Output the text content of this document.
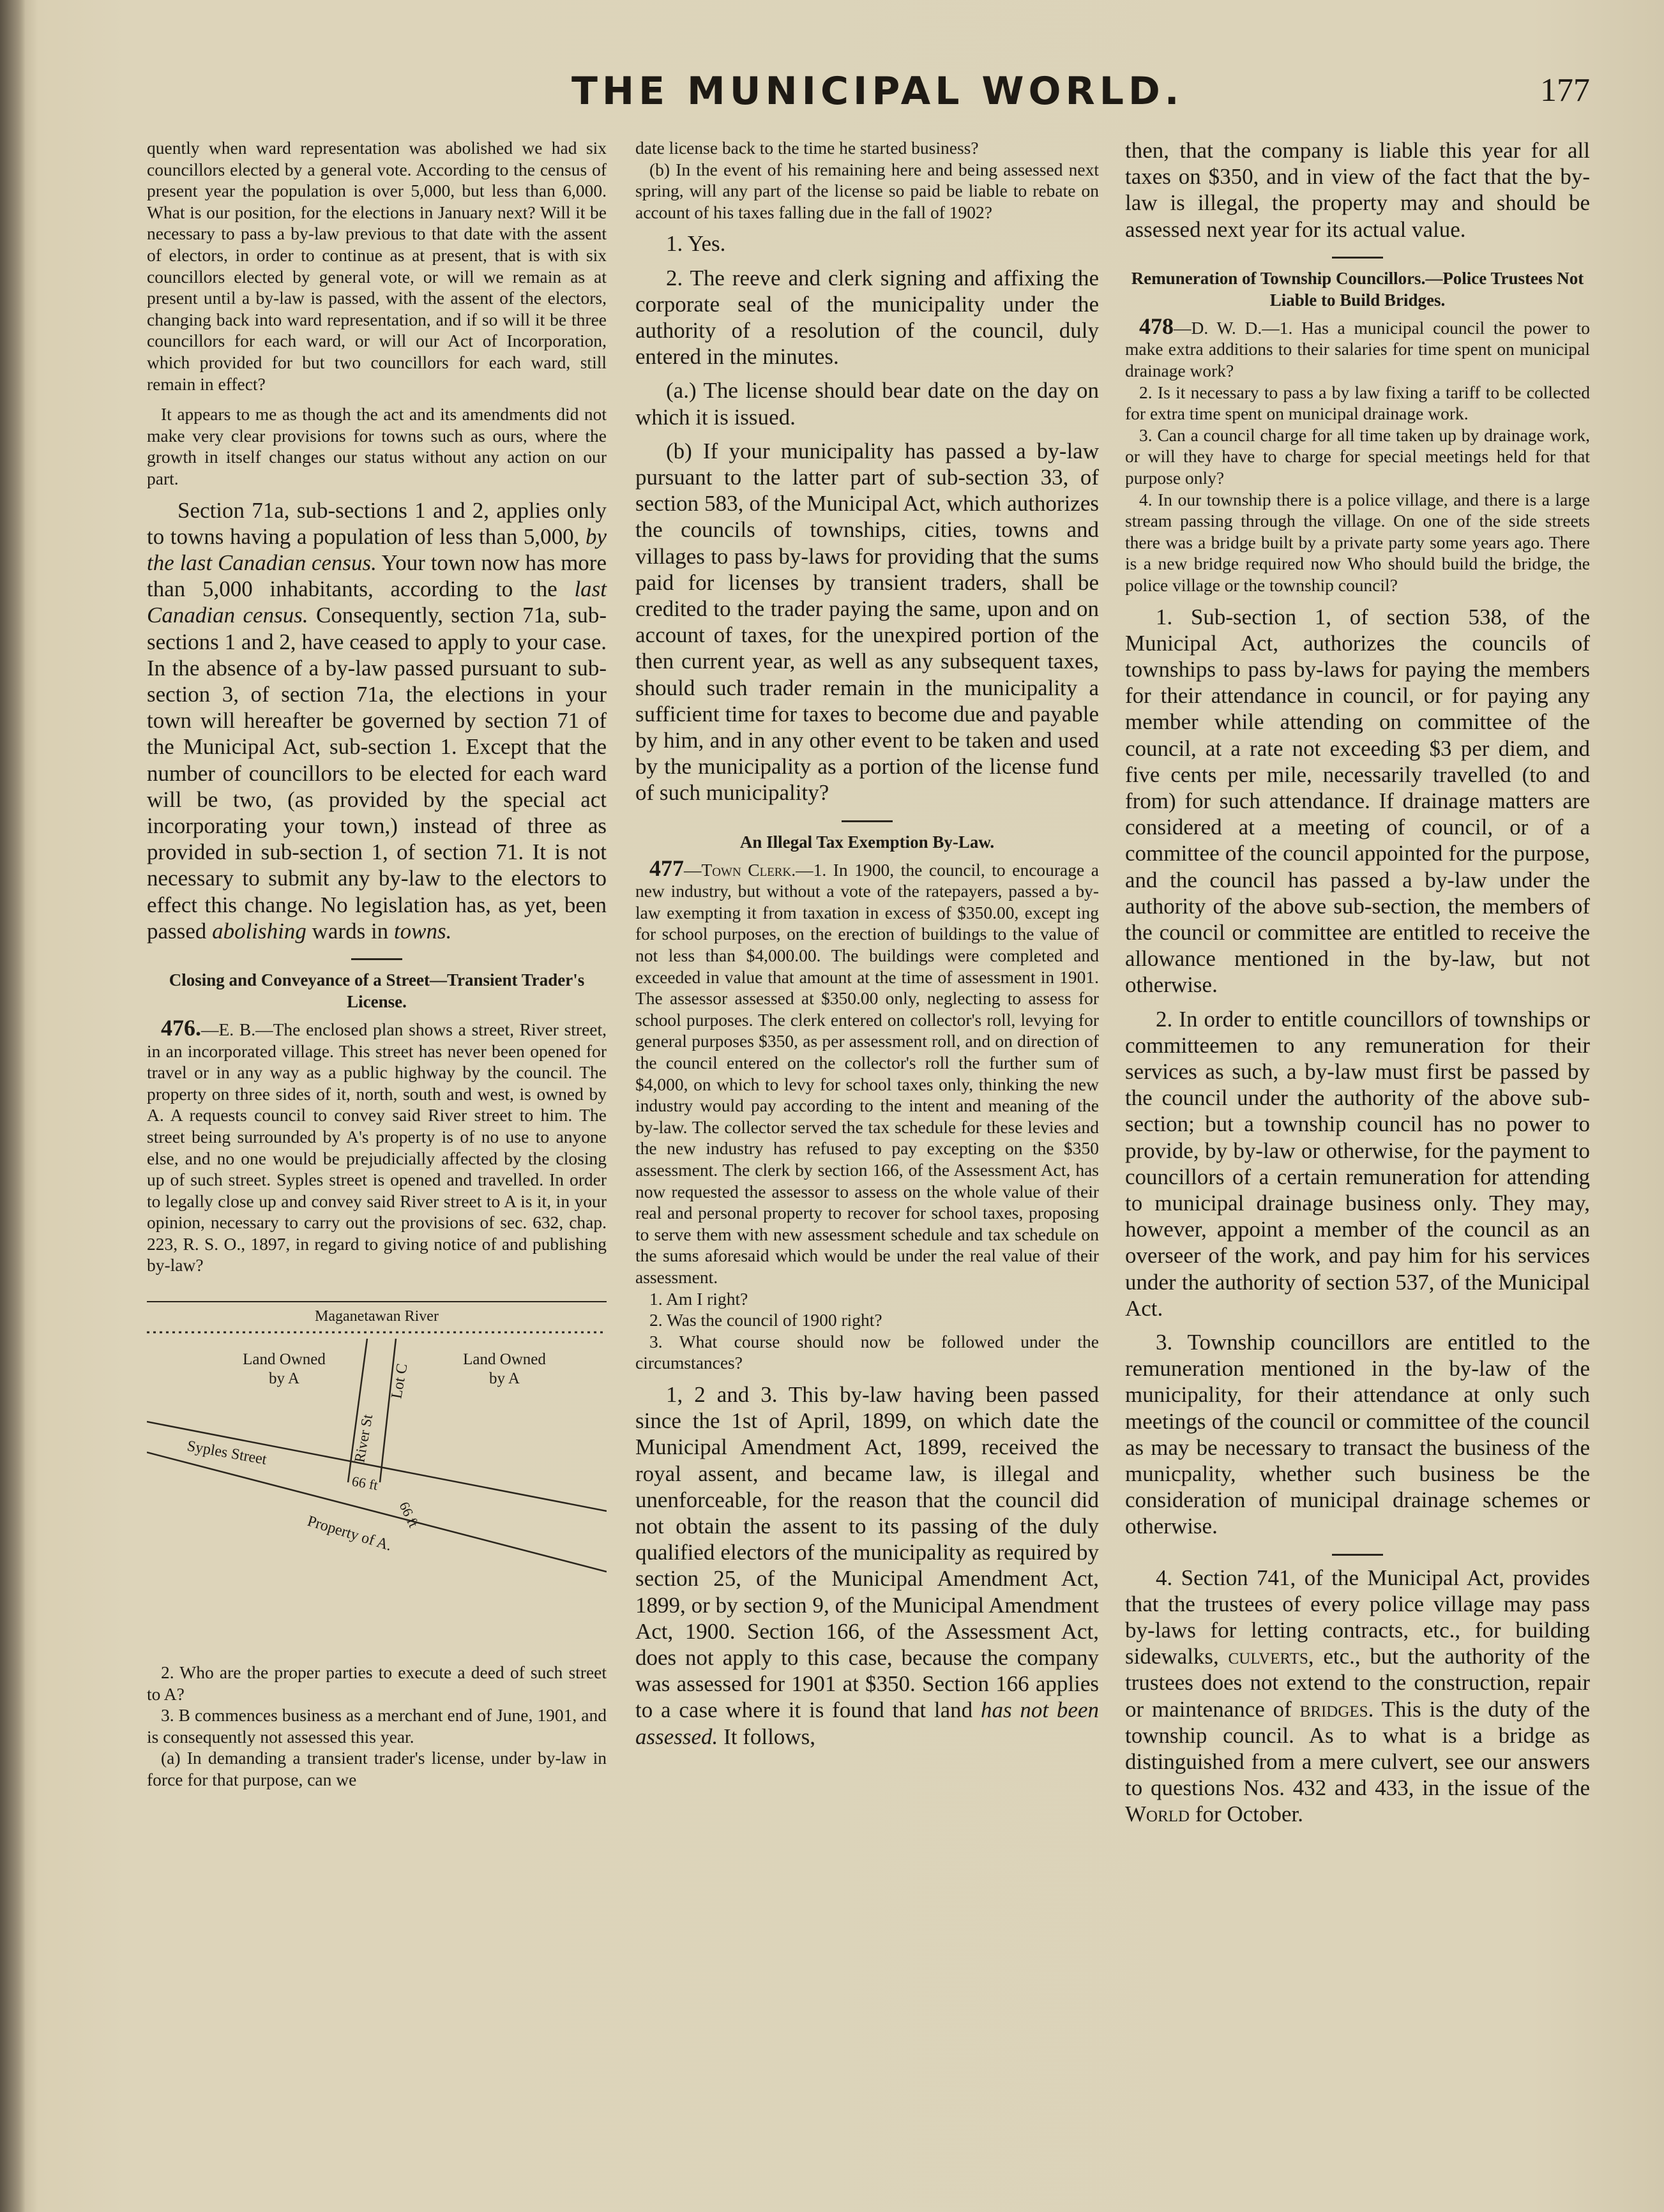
THE MUNICIPAL WORLD.	177

quently when ward representation was abolished we had six councillors elected by a general vote. According to the census of present year the population is over 5,000, but less than 6,000. What is our position, for the elections in January next? Will it be necessary to pass a by-law previous to that date with the assent of electors, in order to continue as at present, that is with six councillors elected by general vote, or will we remain as at present until a by-law is passed, with the assent of the electors, changing back into ward representation, and if so will it be three councillors for each ward, or will our Act of Incorporation, which provided for but two councillors for each ward, still remain in effect?

It appears to me as though the act and its amendments did not make very clear provisions for towns such as ours, where the growth in itself changes our status without any action on our part.

Section 71a, sub-sections 1 and 2, applies only to towns having a population of less than 5,000, by the last Canadian census. Your town now has more than 5,000 inhabitants, according to the last Canadian census. Consequently, section 71a, sub-sections 1 and 2, have ceased to apply to your case. In the absence of a by-law passed pursuant to sub-section 3, of section 71a, the elections in your town will hereafter be governed by section 71 of the Municipal Act, sub-section 1. Except that the number of councillors to be elected for each ward will be two, (as provided by the special act incorporating your town,) instead of three as provided in sub-section 1, of section 71. It is not necessary to submit any by-law to the electors to effect this change. No legislation has, as yet, been passed abolishing wards in towns.

Closing and Conveyance of a Street—Transient Trader's License.

476.—E. B.—The enclosed plan shows a street, River street, in an incorporated village. This street has never been opened for travel or in any way as a public highway by the council. The property on three sides of it, north, south and west, is owned by A. A requests council to convey said River street to him. The street being surrounded by A's property is of no use to anyone else, and no one would be prejudicially affected by the closing up of such street. Syples street is opened and travelled. In order to legally close up and convey said River street to A is it, in your opinion, necessary to carry out the provisions of sec. 632, chap. 223, R. S. O., 1897, in regard to giving notice of and publishing by-law?

Maganetawan River
Land Owned
by A
Land Owned
by A
Lot C
River St
Syples Street
66 ft
66 ft
Property of A.

2. Who are the proper parties to execute a deed of such street to A?

3. B commences business as a merchant end of June, 1901, and is consequently not assessed this year.

(a) In demanding a transient trader's license, under by-law in force for that purpose, can we

date license back to the time he started business?

(b) In the event of his remaining here and being assessed next spring, will any part of the license so paid be liable to rebate on account of his taxes falling due in the fall of 1902?

1. Yes.

2. The reeve and clerk signing and affixing the corporate seal of the municipality under the authority of a resolution of the council, duly entered in the minutes.

(a.) The license should bear date on the day on which it is issued.

(b) If your municipality has passed a by-law pursuant to the latter part of sub-section 33, of section 583, of the Municipal Act, which authorizes the councils of townships, cities, towns and villages to pass by-laws for providing that the sums paid for licenses by transient traders, shall be credited to the trader paying the same, upon and on account of taxes, for the unexpired portion of the then current year, as well as any subsequent taxes, should such trader remain in the municipality a sufficient time for taxes to become due and payable by him, and in any other event to be taken and used by the municipality as a portion of the license fund of such municipality?

An Illegal Tax Exemption By-Law.

477—Town Clerk.—1. In 1900, the council, to encourage a new industry, but without a vote of the ratepayers, passed a by-law exempting it from taxation in excess of $350.00, except ing for school purposes, on the erection of buildings to the value of not less than $4,000.00. The buildings were completed and exceeded in value that amount at the time of assessment in 1901. The assessor assessed at $350.00 only, neglecting to assess for school purposes. The clerk entered on collector's roll, levying for general purposes $350, as per assessment roll, and on direction of the council entered on the collector's roll the further sum of $4,000, on which to levy for school taxes only, thinking the new industry would pay according to the intent and meaning of the by-law. The collector served the tax schedule for these levies and the new industry has refused to pay excepting on the $350 assessment. The clerk by section 166, of the Assessment Act, has now requested the assessor to assess on the whole value of their real and personal property to recover for school taxes, proposing to serve them with new assessment schedule and tax schedule on the sums aforesaid which would be under the real value of their assessment.

1. Am I right?

2. Was the council of 1900 right?

3. What course should now be followed under the circumstances?

1, 2 and 3. This by-law having been passed since the 1st of April, 1899, on which date the Municipal Amendment Act, 1899, received the royal assent, and became law, is illegal and unenforceable, for the reason that the council did not obtain the assent to its passing of the duly qualified electors of the municipality as required by section 25, of the Municipal Amendment Act, 1899, or by section 9, of the Municipal Amendment Act, 1900. Section 166, of the Assessment Act, does not apply to this case, because the company was assessed for 1901 at $350. Section 166 applies to a case where it is found that land has not been assessed. It follows,

then, that the company is liable this year for all taxes on $350, and in view of the fact that the by-law is illegal, the property may and should be assessed next year for its actual value.

Remuneration of Township Councillors.—Police Trustees Not Liable to Build Bridges.

478—D. W. D.—1. Has a municipal council the power to make extra additions to their salaries for time spent on municipal drainage work?

2. Is it necessary to pass a by law fixing a tariff to be collected for extra time spent on municipal drainage work.

3. Can a council charge for all time taken up by drainage work, or will they have to charge for special meetings held for that purpose only?

4. In our township there is a police village, and there is a large stream passing through the village. On one of the side streets there was a bridge built by a private party some years ago. There is a new bridge required now Who should build the bridge, the police village or the township council?

1. Sub-section 1, of section 538, of the Municipal Act, authorizes the councils of townships to pass by-laws for paying the members for their attendance in council, or for paying any member while attending on committee of the council, at a rate not exceeding $3 per diem, and five cents per mile, necessarily travelled (to and from) for such attendance. If drainage matters are considered at a meeting of council, or of a committee of the council appointed for the purpose, and the council has passed a by-law under the authority of the above sub-section, the members of the council or committee are entitled to receive the allowance mentioned in the by-law, but not otherwise.

2. In order to entitle councillors of townships or committeemen to any remuneration for their services as such, a by-law must first be passed by the council under the authority of the above sub-section; but a township council has no power to provide, by by-law or otherwise, for the payment to councillors of a certain remuneration for attending to municipal drainage business only. They may, however, appoint a member of the council as an overseer of the work, and pay him for his services under the authority of section 537, of the Municipal Act.

3. Township councillors are entitled to the remuneration mentioned in the by-law of the municipality, for their attendance at only such meetings of the council or committee of the council as may be necessary to transact the business of the municpality, whether such business be the consideration of municipal drainage schemes or otherwise.

4. Section 741, of the Municipal Act, provides that the trustees of every police village may pass by-laws for letting contracts, etc., for building sidewalks, culverts, etc., but the authority of the trustees does not extend to the construction, repair or maintenance of bridges. This is the duty of the township council. As to what is a bridge as distinguished from a mere culvert, see our answers to questions Nos. 432 and 433, in the issue of the World for October.
